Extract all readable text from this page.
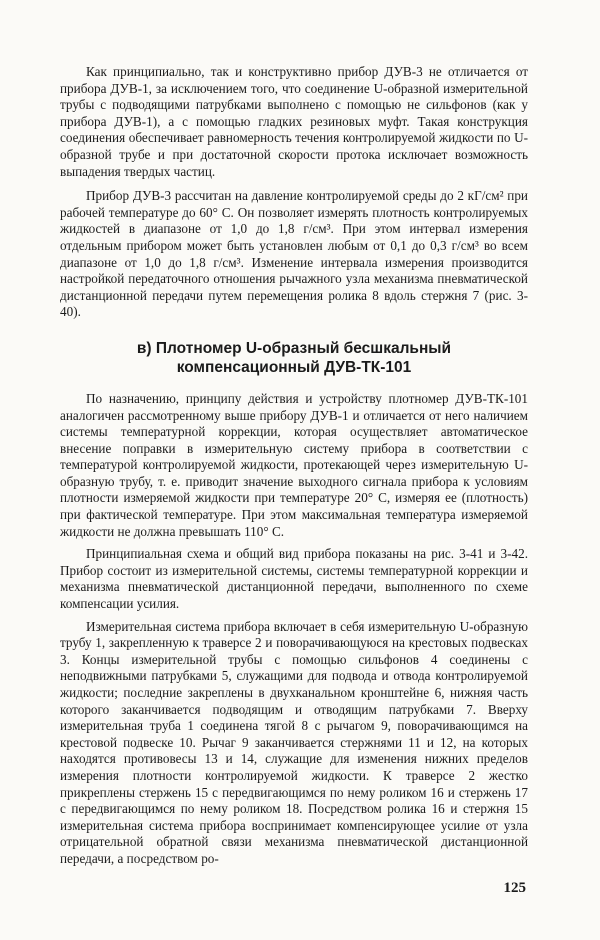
Как принципиально, так и конструктивно прибор ДУВ-3 не отличается от прибора ДУВ-1, за исключением того, что соединение U-образной измерительной трубы с подводящими патрубками выполнено с помощью не сильфонов (как у прибора ДУВ-1), а с помощью гладких резиновых муфт. Такая конструкция соединения обеспечивает равномерность течения контролируемой жидкости по U-образной трубе и при достаточной скорости протока исключает возможность выпадения твердых частиц.

Прибор ДУВ-3 рассчитан на давление контролируемой среды до 2 кГ/см² при рабочей температуре до 60° С. Он позволяет измерять плотность контролируемых жидкостей в диапазоне от 1,0 до 1,8 г/см³. При этом интервал измерения отдельным прибором может быть установлен любым от 0,1 до 0,3 г/см³ во всем диапазоне от 1,0 до 1,8 г/см³. Изменение интервала измерения производится настройкой передаточного отношения рычажного узла механизма пневматической дистанционной передачи путем перемещения ролика 8 вдоль стержня 7 (рис. 3-40).

в) Плотномер U-образный бесшкальный
компенсационный ДУВ-ТК-101

По назначению, принципу действия и устройству плотномер ДУВ-ТК-101 аналогичен рассмотренному выше прибору ДУВ-1 и отличается от него наличием системы температурной коррекции, которая осуществляет автоматическое внесение поправки в измерительную систему прибора в соответствии с температурой контролируемой жидкости, протекающей через измерительную U-образную трубу, т. е. приводит значение выходного сигнала прибора к условиям плотности измеряемой жидкости при температуре 20° С, измеряя ее (плотность) при фактической температуре. При этом максимальная температура измеряемой жидкости не должна превышать 110° С.

Принципиальная схема и общий вид прибора показаны на рис. 3-41 и 3-42. Прибор состоит из измерительной системы, системы температурной коррекции и механизма пневматической дистанционной передачи, выполненного по схеме компенсации усилия.

Измерительная система прибора включает в себя измерительную U-образную трубу 1, закрепленную к траверсе 2 и поворачивающуюся на крестовых подвесках 3. Концы измерительной трубы с помощью сильфонов 4 соединены с неподвижными патрубками 5, служащими для подвода и отвода контролируемой жидкости; последние закреплены в двухканальном кронштейне 6, нижняя часть которого заканчивается подводящим и отводящим патрубками 7. Вверху измерительная труба 1 соединена тягой 8 с рычагом 9, поворачивающимся на крестовой подвеске 10. Рычаг 9 заканчивается стержнями 11 и 12, на которых находятся противовесы 13 и 14, служащие для изменения нижних пределов измерения плотности контролируемой жидкости. К траверсе 2 жестко прикреплены стержень 15 с передвигающимся по нему роликом 16 и стержень 17 с передвигающимся по нему роликом 18. Посредством ролика 16 и стержня 15 измерительная система прибора воспринимает компенсирующее усилие от узла отрицательной обратной связи механизма пневматической дистанционной передачи, а посредством ро-

125
